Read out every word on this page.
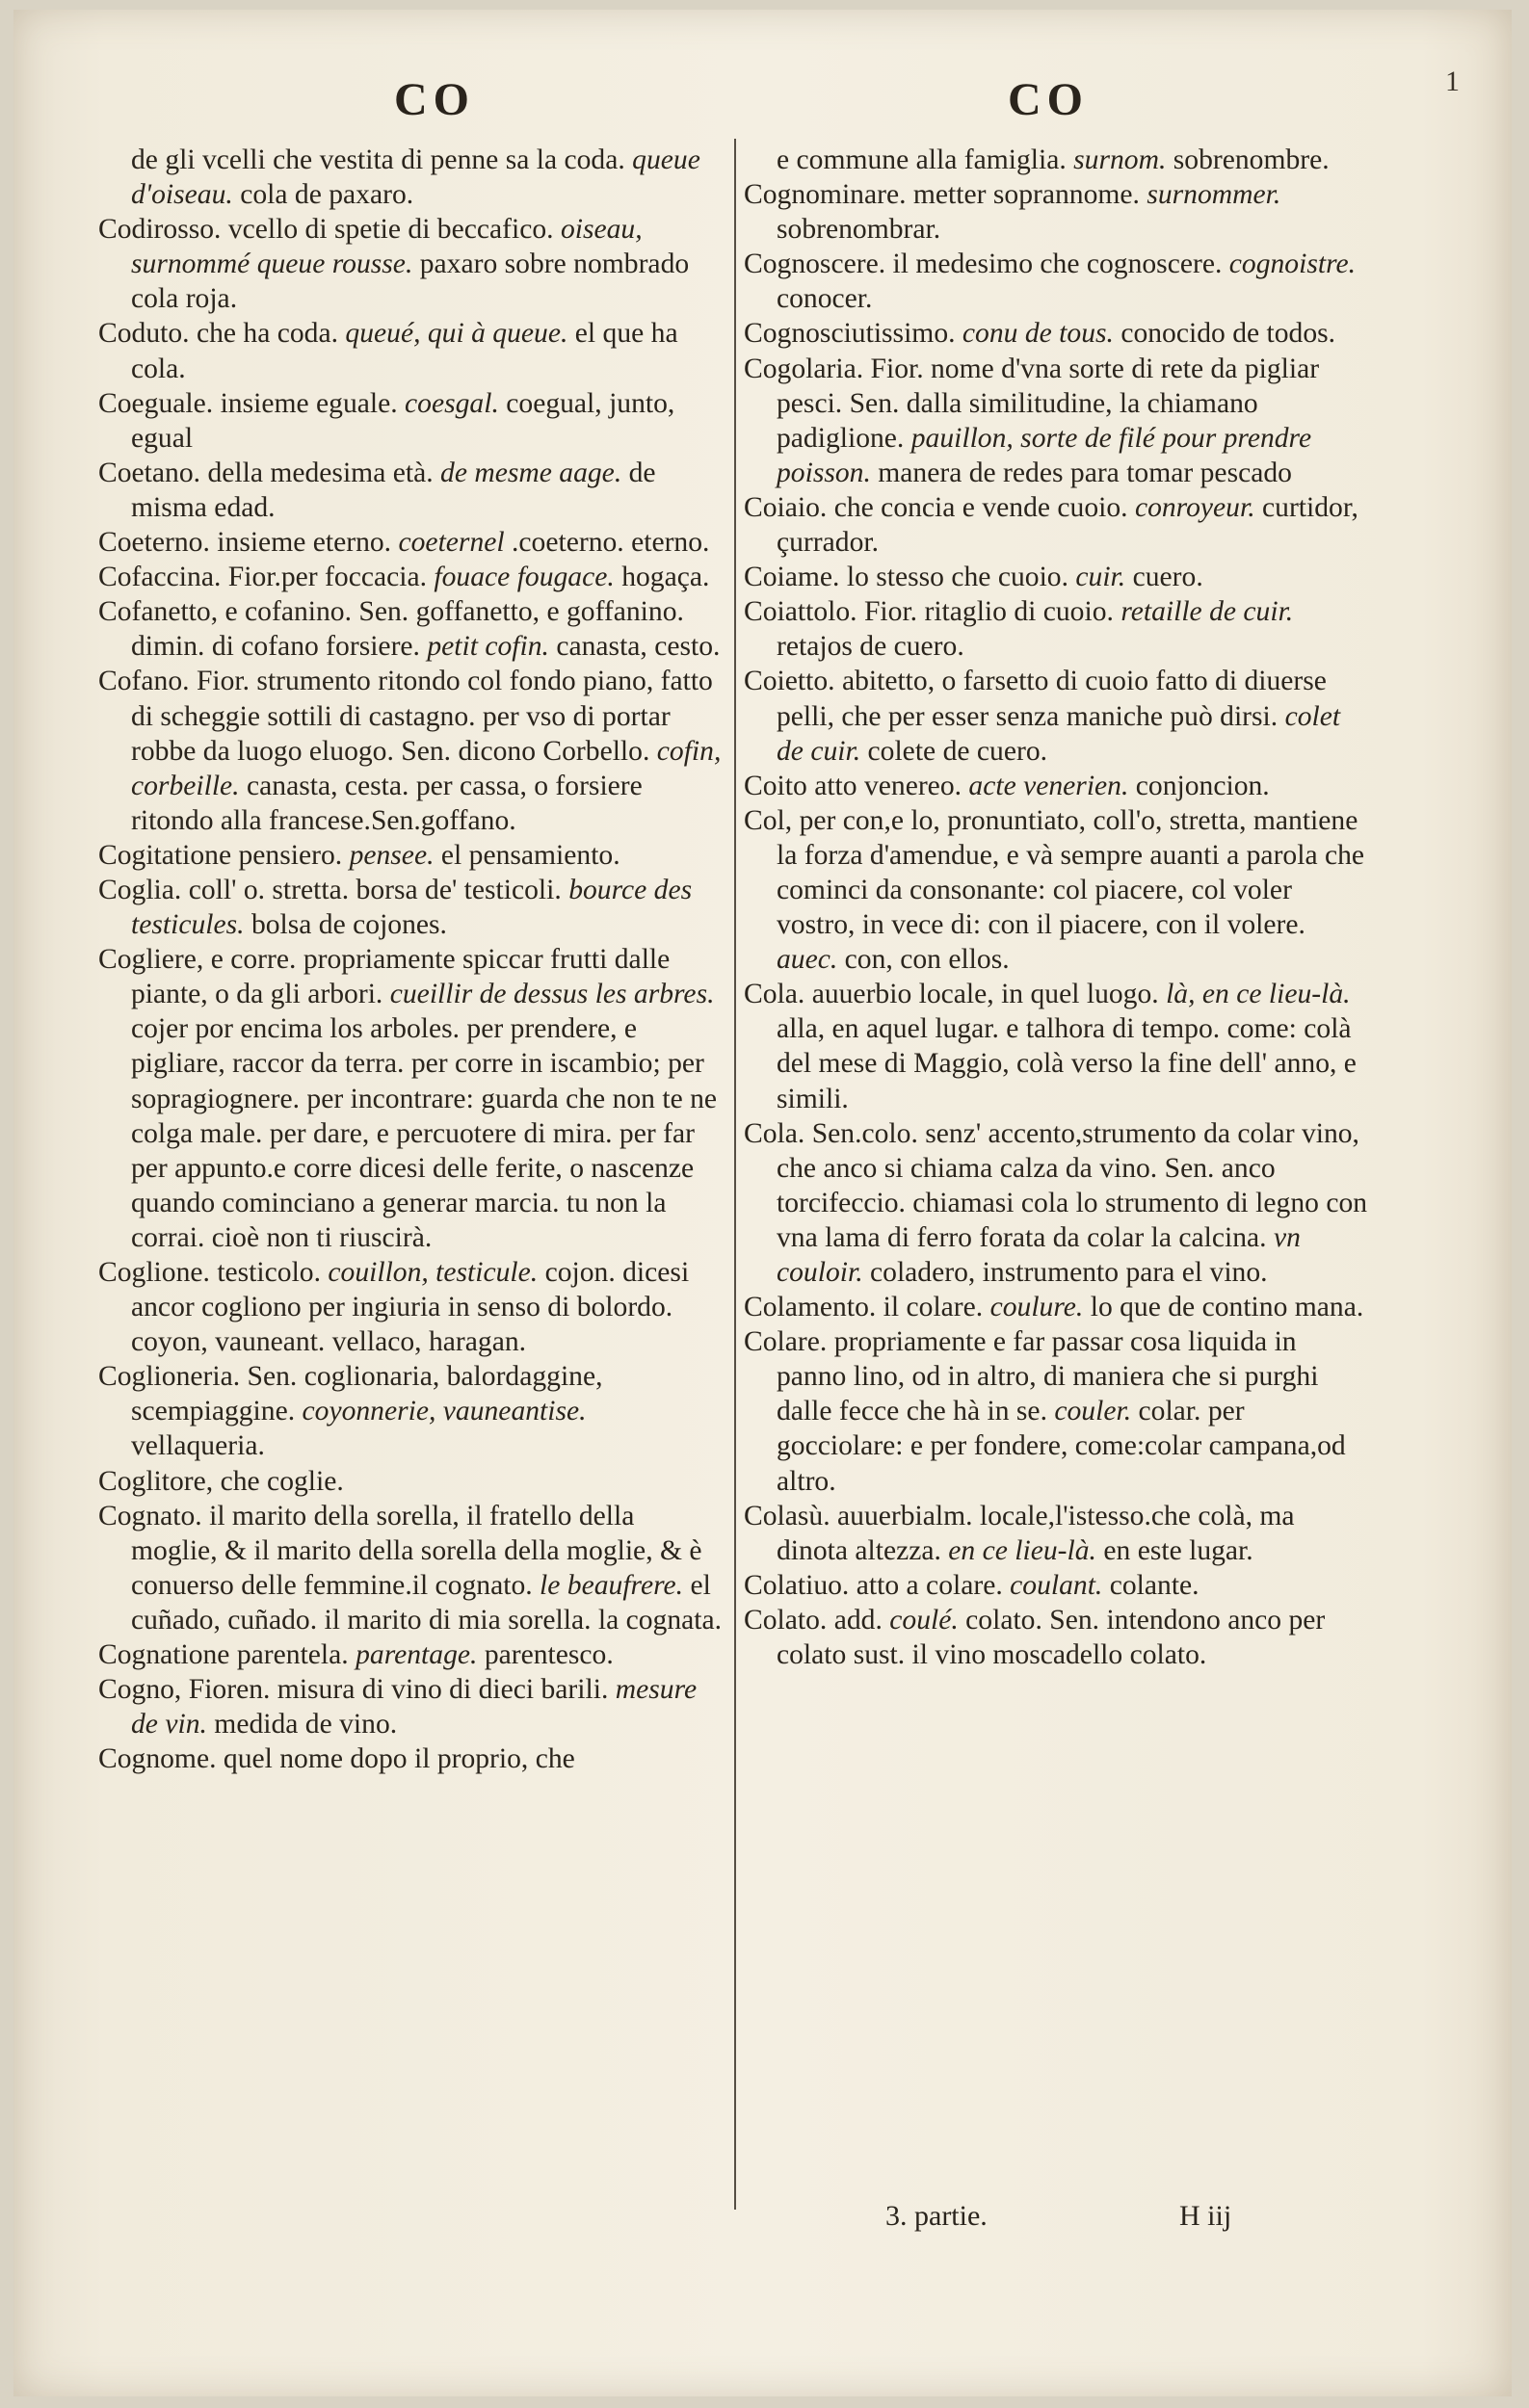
1
CO	CO
de gli vcelli che vestita di penne sa la coda. queue d'oiseau. cola de paxaro.
Codirosso. vcello di spetie di beccafico. oiseau, surnommé queue rousse. paxaro sobre nombrado cola roja.
Coduto. che ha coda. queué, qui à queue. el que ha cola.
Coeguale. insieme eguale. coesgal. coegual, junto, egual
Coetano. della medesima età. de mesme aage. de misma edad.
Coeterno. insieme eterno. coeternel .coeterno. eterno.
Cofaccina. Fior.per foccacia. fouace fougace. hogaça.
Cofanetto, e cofanino. Sen. goffanetto, e goffanino. dimin. di cofano forsiere. petit cofin. canasta, cesto.
Cofano. Fior. strumento ritondo col fondo piano, fatto di scheggie sottili di castagno. per vso di portar robbe da luogo eluogo. Sen. dicono Corbello. cofin, corbeille. canasta, cesta. per cassa, o forsiere ritondo alla francese.Sen.goffano.
Cogitatione pensiero. pensee. el pensamiento.
Coglia. coll' o. stretta. borsa de' testicoli. bource des testicules. bolsa de cojones.
Cogliere, e corre. propriamente spiccar frutti dalle piante, o da gli arbori. cueillir de dessus les arbres. cojer por encima los arboles. per prendere, e pigliare, raccor da terra. per corre in iscambio; per sopragiognere. per incontrare: guarda che non te ne colga male. per dare, e percuotere di mira. per far per appunto.e corre dicesi delle ferite, o nascenze quando cominciano a generar marcia. tu non la corrai. cioè non ti riuscirà.
Coglione. testicolo. couillon, testicule. cojon. dicesi ancor cogliono per ingiuria in senso di bolordo. coyon, vauneant. vellaco, haragan.
Coglioneria. Sen. coglionaria, balordaggine, scempiaggine. coyonnerie, vauneantise. vellaqueria.
Coglitore, che coglie.
Cognato. il marito della sorella, il fratello della moglie, & il marito della sorella della moglie, & è conuerso delle femmine.il cognato. le beaufrere. el cuñado, cuñado. il marito di mia sorella. la cognata.
Cognatione parentela. parentage. parentesco.
Cogno, Fioren. misura di vino di dieci barili. mesure de vin. medida de vino.
Cognome. quel nome dopo il proprio, che
e commune alla famiglia. surnom. sobrenombre.
Cognominare. metter soprannome. surnommer. sobrenombrar.
Cognoscere. il medesimo che cognoscere. cognoistre. conocer.
Cognosciutissimo. conu de tous. conocido de todos.
Cogolaria. Fior. nome d'vna sorte di rete da pigliar pesci. Sen. dalla similitudine, la chiamano padiglione. pauillon, sorte de filé pour prendre poisson. manera de redes para tomar pescado
Coiaio. che concia e vende cuoio. conroyeur. curtidor, çurrador.
Coiame. lo stesso che cuoio. cuir. cuero.
Coiattolo. Fior. ritaglio di cuoio. retaille de cuir. retajos de cuero.
Coietto. abitetto, o farsetto di cuoio fatto di diuerse pelli, che per esser senza maniche può dirsi. colet de cuir. colete de cuero.
Coito atto venereo. acte venerien. conjoncion.
Col, per con,e lo, pronuntiato, coll'o, stretta, mantiene la forza d'amendue, e và sempre auanti a parola che cominci da consonante: col piacere, col voler vostro, in vece di: con il piacere, con il volere. auec. con, con ellos.
Cola. auuerbio locale, in quel luogo. là, en ce lieu-là. alla, en aquel lugar. e talhora di tempo. come: colà del mese di Maggio, colà verso la fine dell' anno, e simili.
Cola. Sen.colo. senz' accento,strumento da colar vino, che anco si chiama calza da vino. Sen. anco torcifeccio. chiamasi cola lo strumento di legno con vna lama di ferro forata da colar la calcina. vn couloir. coladero, instrumento para el vino.
Colamento. il colare. coulure. lo que de contino mana.
Colare. propriamente e far passar cosa liquida in panno lino, od in altro, di maniera che si purghi dalle fecce che hà in se. couler. colar. per gocciolare: e per fondere, come:colar campana,od altro.
Colasù. auuerbialm. locale,l'istesso.che colà, ma dinota altezza. en ce lieu-là. en este lugar.
Colatiuo. atto a colare. coulant. colante.
Colato. add. coulé. colato. Sen. intendono anco per colato sust. il vino moscadello colato.
3. partie.	H iij
